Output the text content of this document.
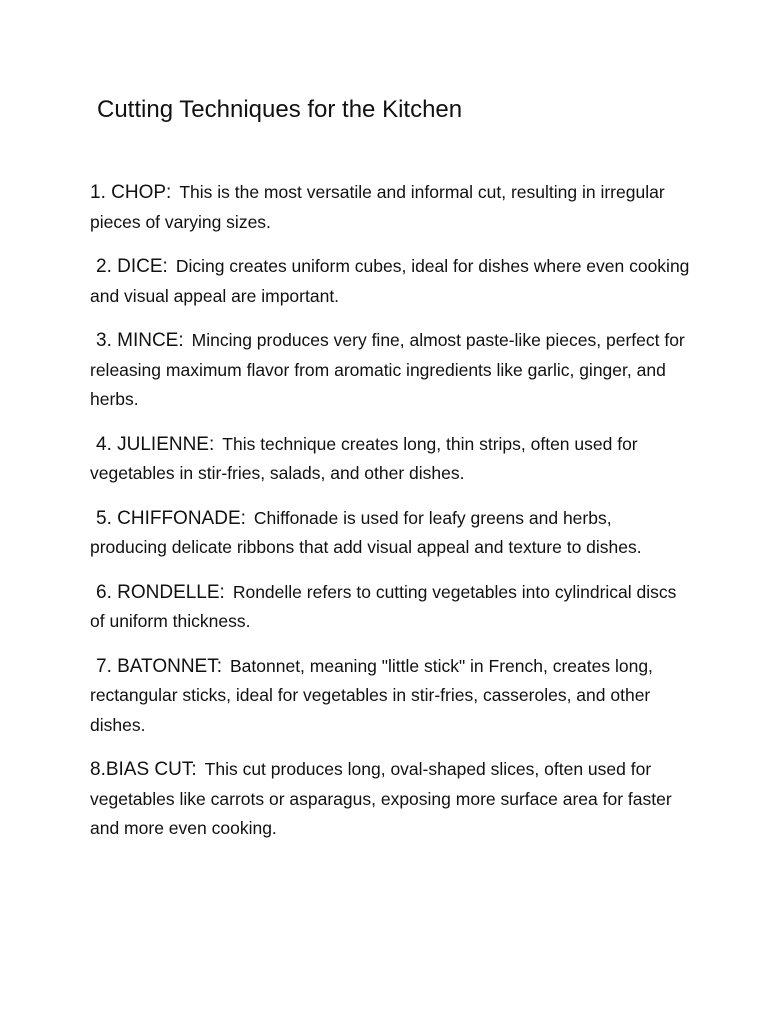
Cutting Techniques for the Kitchen

1. CHOP: This is the most versatile and informal cut, resulting in irregular pieces of varying sizes.

2. DICE: Dicing creates uniform cubes, ideal for dishes where even cooking and visual appeal are important.

3. MINCE: Mincing produces very fine, almost paste-like pieces, perfect for releasing maximum flavor from aromatic ingredients like garlic, ginger, and herbs.

4. JULIENNE: This technique creates long, thin strips, often used for vegetables in stir-fries, salads, and other dishes.

5. CHIFFONADE: Chiffonade is used for leafy greens and herbs, producing delicate ribbons that add visual appeal and texture to dishes.

6. RONDELLE: Rondelle refers to cutting vegetables into cylindrical discs of uniform thickness.

7. BATONNET: Batonnet, meaning "little stick" in French, creates long, rectangular sticks, ideal for vegetables in stir-fries, casseroles, and other dishes.

8.BIAS CUT: This cut produces long, oval-shaped slices, often used for vegetables like carrots or asparagus, exposing more surface area for faster and more even cooking.
